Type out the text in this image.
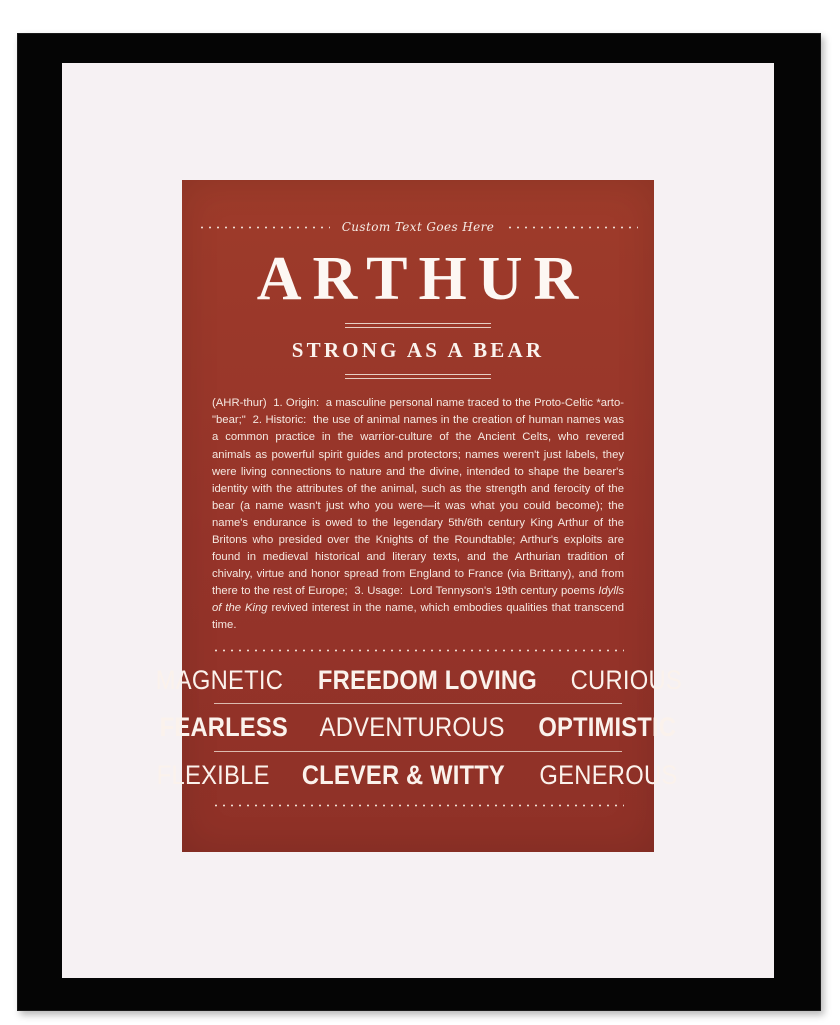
Custom Text Goes Here
ARTHUR
STRONG AS A BEAR
(AHR-thur)  1. Origin:  a masculine personal name traced to the Proto-Celtic *arto- "bear;"  2. Historic:  the use of animal names in the creation of human names was a common practice in the warrior-culture of the Ancient Celts, who revered animals as powerful spirit guides and protectors; names weren't just labels, they were living connections to nature and the divine, intended to shape the bearer's identity with the attributes of the animal, such as the strength and ferocity of the bear (a name wasn't just who you were—it was what you could become); the name's endurance is owed to the legendary 5th/6th century King Arthur of the Britons who presided over the Knights of the Roundtable; Arthur's exploits are found in medieval historical and literary texts, and the Arthurian tradition of chivalry, virtue and honor spread from England to France (via Brittany), and from there to the rest of Europe;  3. Usage:  Lord Tennyson's 19th century poems Idylls of the King revived interest in the name, which embodies qualities that transcend time.
MAGNETIC FREEDOM LOVING CURIOUS
FEARLESS ADVENTUROUS OPTIMISTIC
FLEXIBLE CLEVER & WITTY GENEROUS
